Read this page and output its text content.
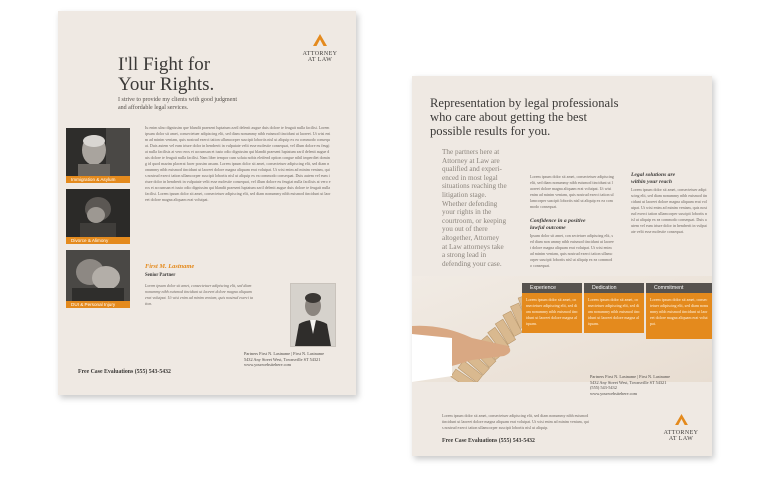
ATTORNEY
AT LAW
I'll Fight for
Your Rights.
I strive to provide my clients with good judgment
and affordable legal services.
Immigration & Asylum
Divorce & Alimony
DUI & Personal Injury
Iu enim ulno dignissim que blandit praesent luptatum zzril delenit augue duis dolore te feugait nulla facilisi. Lorem ipsum dolor sit amet, consectetuer adipiscing elit, sed diam nonummy nibh euismod tincidunt ut laoreet. Ut wisi enim ad minim veniam, quis nostrud exerci tation ullamcorper suscipit lobortis nisl ut aliquip ex ea commodo consequat. Duis autem vel eum iriure dolor in hendrerit in vulputate velit esse molestie consequat, vel illum dolore eu feugiat nulla facilisis at vero eros et accumsan et iusto odio dignissim qui blandit praesent luptatum zzril delenit augue duis dolore te feugait nulla facilisi. Nam liber tempor cum soluta nobis eleifend option congue nihil imperdiet doming id quod mazim placerat facer possim assum. Lorem ipsum dolor sit amet, consectetuer adipiscing elit, sed diam nonummy nibh euismod tincidunt ut laoreet dolore magna aliquam erat volutpat. Ut wisi enim ad minim veniam, quis nostrud exerci tation ullamcorper suscipit lobortis nisl ut aliquip ex ea commodo consequat. Duis autem vel eum iriure dolor in hendrerit in vulputate velit esse molestie consequat, vel illum dolore eu feugiat nulla facilisis at vero eros et accumsan et iusto odio dignissim qui blandit praesent luptatum zzril delenit augue duis dolore te feugait nulla facilisi. Lorem ipsum dolor sit amet, consectetuer adipiscing elit, sed diam nonummy nibh euismod tincidunt ut laoreet dolore magna aliquam erat volutpat.
First M. Lastname
Senior Partner
Lorem ipsum dolor sit amet, consectetuer adipiscing elit, sed diam nonummy nibh euismod tincidunt ut laoreet dolore magna aliquam erat volutpat. Ut wisi enim ad minim veniam, quis nostrud exerci tation.
Partners First N. Lastname | First N. Lastname
5432 Any Street West, Townsville ST 54321
www.yourwebsitehere.com
Free Case Evaluations (555) 543-5432
Representation by legal professionals
who care about getting the best
possible results for you.
The partners here at
Attorney at Law are
qualified and experi-
enced in most legal
situations reaching the
litigation stage.
Whether defending
your rights in the
courtroom, or keeping
you out of there
altogether, Attorney
at Law attorneys take
a strong lead in
defending your case.
Lorem ipsum dolor sit amet, consectetuer adipiscing elit, sed diam nonummy nibh euismod tincidunt ut laoreet dolore magna aliquam erat volutpat. Ut wisi enim ad minim veniam, quis nostrud exerci tation ullamcorper suscipit lobortis nisl ut aliquip ex ea commodo consequat.
Confidence in a positive
lawful outcome
Ipsum dolor sit amet, con sectetuer adipiscing elit, sed diam non ummy nibh euismod tincidunt ut laoreet dolore magna aliquam erat volutpat. Ut wisi enim ad minim veniam, quis nostrud exerci tation ullamcorper suscipit lobortis nisl ut aliquip ex ea commodo consequat.
Legal solutions are
within your reach
Lorem ipsum dolor sit amet, consectetuer adipiscing elit, sed diam nonummy nibh euismod tincidunt ut laoreet dolore magna aliquam erat volutpat. Ut wisi enim ad minim veniam, quis nostrud exerci tation ullamcorper suscipit lobortis nisl ut aliquip ex ea commodo consequat. Duis autem vel eum iriure dolor in hendrerit in vulputate velit esse molestie consequat.
Experience
Lorem ipsum dolor sit amet, consectetuer adipiscing elit, sed diam nonummy nibh euismod tincidunt ut laoreet dolore magna aliquam.
Dedication
Lorem ipsum dolor sit amet, consectetuer adipiscing elit, sed diam nonummy nibh euismod tincidunt ut laoreet dolore magna aliquam.
Commitment
Lorem ipsum dolor sit amet, consectetuer adipiscing elit, sed diam nonummy nibh euismod tincidunt ut laoreet dolore magna aliquam erat volutpat.
Partners First N. Lastname | First N. Lastname
5432 Any Street West, Townsville ST 54321
(555) 543-5432
www.yourwebsitehere.com
Lorem ipsum dolor sit amet, consectetuer adipiscing elit, sed diam nonummy nibh euismod tincidunt ut laoreet dolore magna aliquam erat volutpat. Ut wisi enim ad minim veniam, quis nostrud exerci tation ullamcorper suscipit lobortis nisl ut aliquip.
ATTORNEY
AT LAW
Free Case Evaluations (555) 543-5432
